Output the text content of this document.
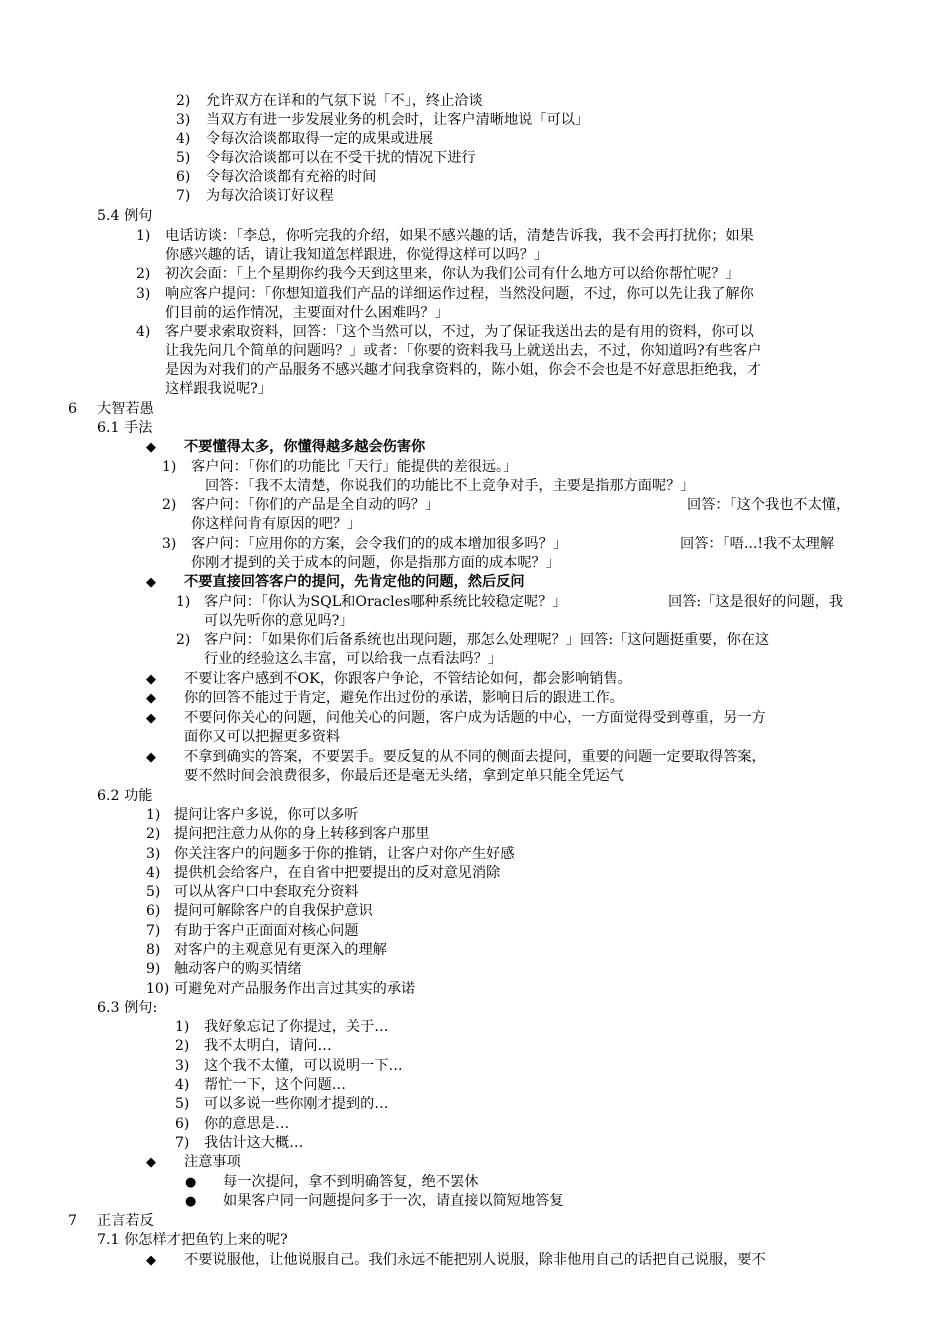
2) 允许双方在详和的气氛下说「不」，终止洽谈
3) 当双方有进一步发展业务的机会时，让客户清晰地说「可以」
4) 令每次洽谈都取得一定的成果或进展
5) 令每次洽谈都可以在不受干扰的情况下进行
6) 令每次洽谈都有充裕的时间
7) 为每次洽谈订好议程
5.4 例句
1) 电话访谈：「李总，你听完我的介绍，如果不感兴趣的话，清楚告诉我，我不会再打扰你；如果
你感兴趣的话，请让我知道怎样跟进，你觉得这样可以吗？」
2) 初次会面：「上个星期你约我今天到这里来，你认为我们公司有什么地方可以给你帮忙呢？」
3) 响应客户提问：「你想知道我们产品的详细运作过程，当然没问题，不过，你可以先让我了解你
们目前的运作情况，主要面对什么困难吗？」
4) 客户要求索取资料，回答：「这个当然可以，不过，为了保证我送出去的是有用的资料，你可以
让我先问几个简单的问题吗？」或者：「你要的资料我马上就送出去，不过，你知道吗?有些客户
是因为对我们的产品服务不感兴趣才问我拿资料的，陈小姐，你会不会也是不好意思拒绝我，才
这样跟我说呢?」
6 大智若愚
6.1 手法
◆ 不要懂得太多，你懂得越多越会伤害你
1) 客户问：「你们的功能比「天行」能提供的差很远。」
回答：「我不太清楚，你说我们的功能比不上竞争对手，主要是指那方面呢？」
2) 客户问：「你们的产品是全自动的吗？」	回答：「这个我也不太懂，
你这样问肯有原因的吧？」
3) 客户问：「应用你的方案，会令我们的的成本增加很多吗？」	回答：「唔...!我不太理解
你刚才提到的关于成本的问题，你是指那方面的成本呢？」
◆ 不要直接回答客户的提问，先肯定他的问题，然后反问
1) 客户问：「你认为SQL和Oracles哪种系统比较稳定呢？」	回答:「这是很好的问题，我
可以先听你的意见吗?」
2) 客户问：「如果你们后备系统也出现问题，那怎么处理呢？」回答:「这问题挺重要，你在这
行业的经验这么丰富，可以给我一点看法吗？」
◆ 不要让客户感到不OK，你跟客户争论，不管结论如何，都会影响销售。
◆ 你的回答不能过于肯定，避免作出过份的承诺，影响日后的跟进工作。
◆ 不要问你关心的问题，问他关心的问题，客户成为话题的中心，一方面觉得受到尊重，另一方
面你又可以把握更多资料
◆ 不拿到确实的答案，不要罢手。要反复的从不同的侧面去提问，重要的问题一定要取得答案，
要不然时间会浪费很多，你最后还是毫无头绪，拿到定单只能全凭运气
6.2 功能
1) 提问让客户多说，你可以多听
2) 提问把注意力从你的身上转移到客户那里
3) 你关注客户的问题多于你的推销，让客户对你产生好感
4) 提供机会给客户，在自省中把要提出的反对意见消除
5) 可以从客户口中套取充分资料
6) 提问可解除客户的自我保护意识
7) 有助于客户正面面对核心问题
8) 对客户的主观意见有更深入的理解
9) 触动客户的购买情绪
10) 可避免对产品服务作出言过其实的承诺
6.3 例句:
1) 我好象忘记了你提过，关于…
2) 我不太明白，请问…
3) 这个我不太懂，可以说明一下…
4) 帮忙一下，这个问题…
5) 可以多说一些你刚才提到的…
6) 你的意思是…
7) 我估计这大概…
◆ 注意事项
● 每一次提问，拿不到明确答复，绝不罢休
● 如果客户同一问题提问多于一次，请直接以简短地答复
7 正言若反
7.1 你怎样才把鱼钓上来的呢?
◆ 不要说服他，让他说服自己。我们永远不能把别人说服，除非他用自己的话把自己说服，要不
